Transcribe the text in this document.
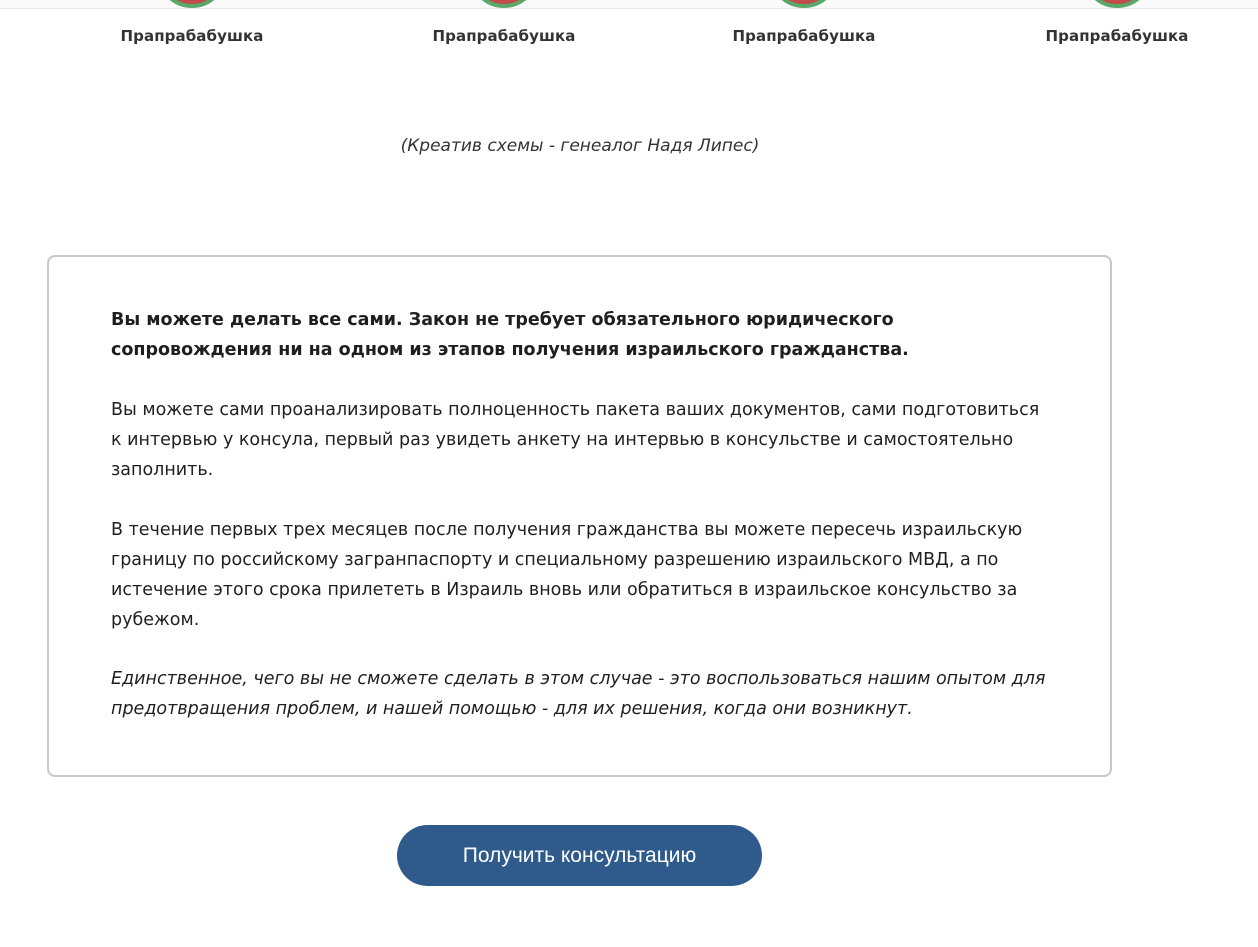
Прапрабабушка	Прапрабабушка	Прапрабабушка	Прапрабабушка
(Креатив схемы - генеалог Надя Липес)

Вы можете делать все сами. Закон не требует обязательного юридического сопровождения ни на одном из этапов получения израильского гражданства.

Вы можете сами проанализировать полноценность пакета ваших документов, сами подготовиться к интервью у консула, первый раз увидеть анкету на интервью в консульстве и самостоятельно заполнить.

В течение первых трех месяцев после получения гражданства вы можете пересечь израильскую границу по российскому загранпаспорту и специальному разрешению израильского МВД, а по истечение этого срока прилететь в Израиль вновь или обратиться в израильское консульство за рубежом.

Единственное, чего вы не сможете сделать в этом случае - это воспользоваться нашим опытом для предотвращения проблем, и нашей помощью - для их решения, когда они возникнут.

Получить консультацию
